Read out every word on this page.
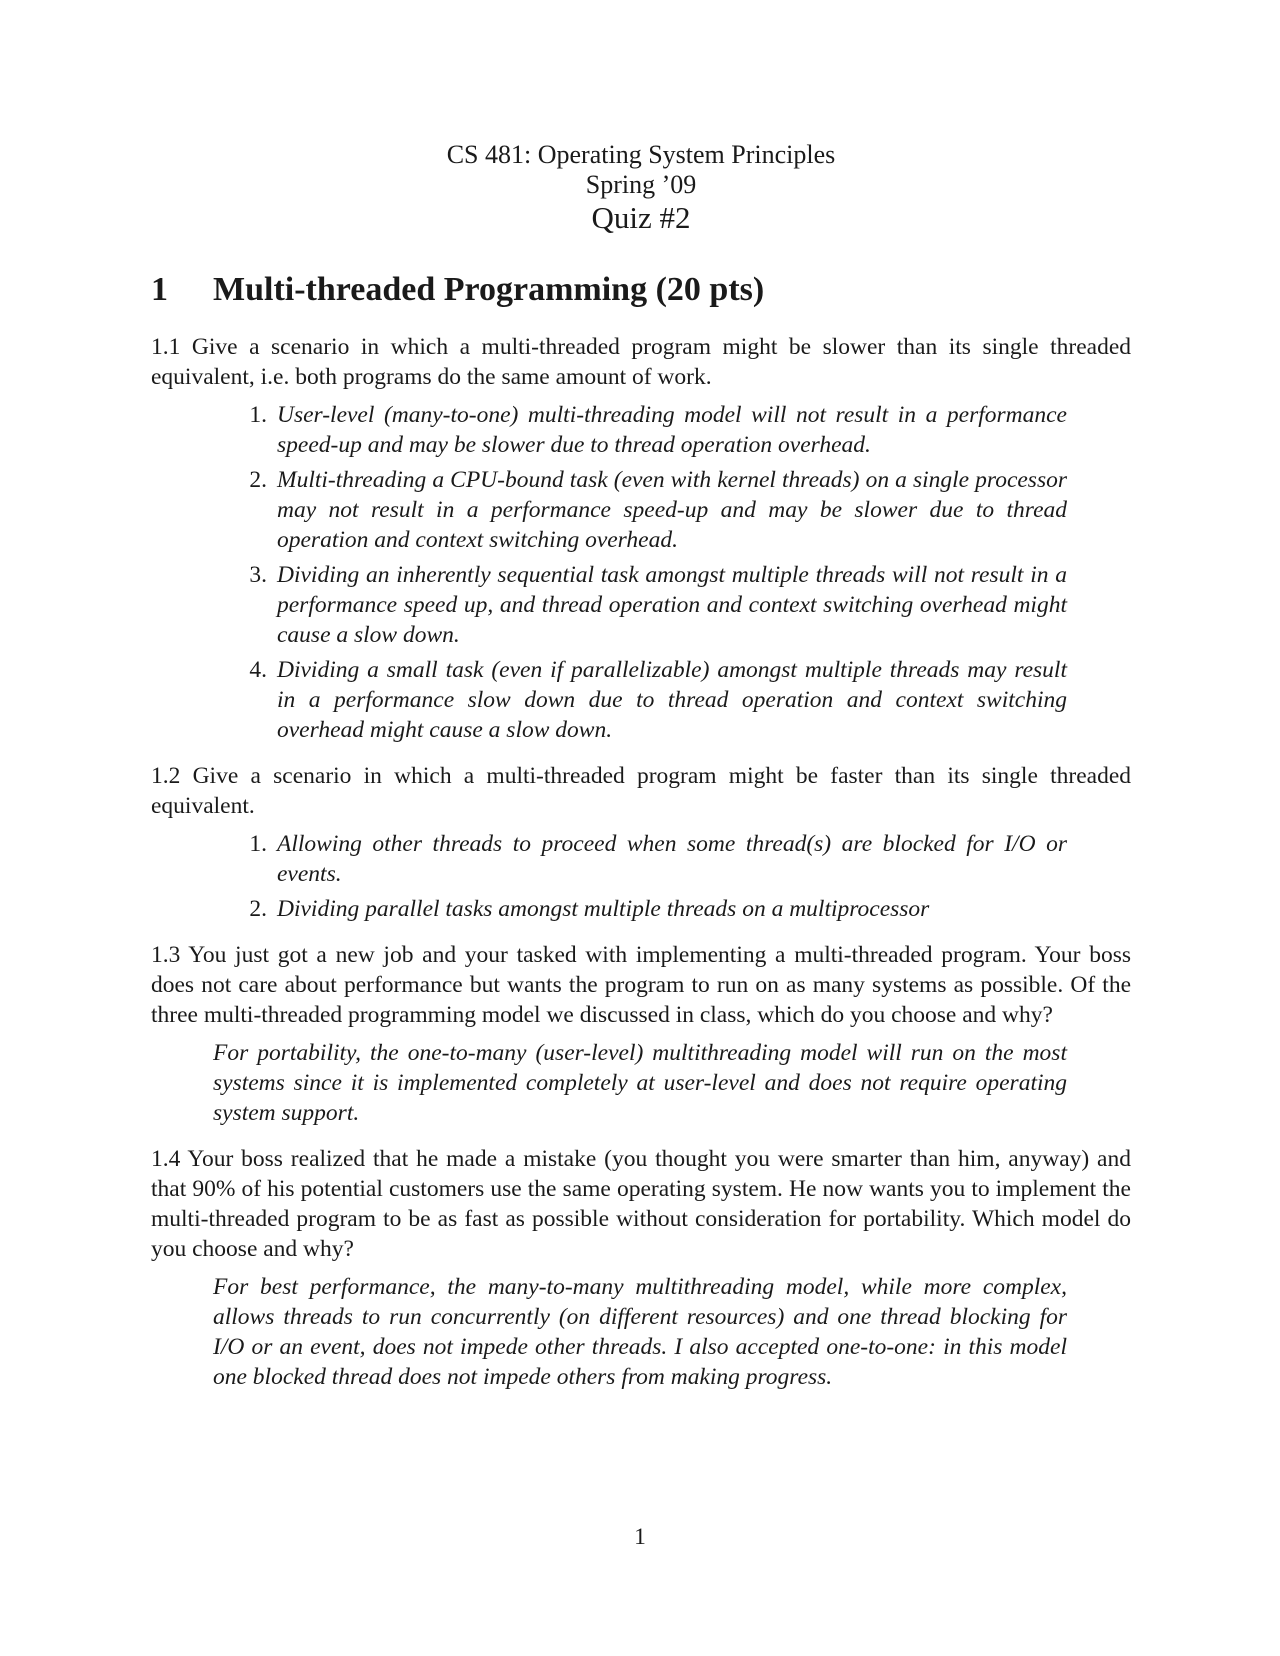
CS 481: Operating System Principles
Spring ’09
Quiz #2
1	Multi-threaded Programming (20 pts)
1.1 Give a scenario in which a multi-threaded program might be slower than its single threaded equivalent, i.e. both programs do the same amount of work.
1. User-level (many-to-one) multi-threading model will not result in a performance speed-up and may be slower due to thread operation overhead.
2. Multi-threading a CPU-bound task (even with kernel threads) on a single processor may not result in a performance speed-up and may be slower due to thread operation and context switching overhead.
3. Dividing an inherently sequential task amongst multiple threads will not result in a performance speed up, and thread operation and context switching overhead might cause a slow down.
4. Dividing a small task (even if parallelizable) amongst multiple threads may result in a performance slow down due to thread operation and context switching overhead might cause a slow down.
1.2 Give a scenario in which a multi-threaded program might be faster than its single threaded equivalent.
1. Allowing other threads to proceed when some thread(s) are blocked for I/O or events.
2. Dividing parallel tasks amongst multiple threads on a multiprocessor
1.3 You just got a new job and your tasked with implementing a multi-threaded program. Your boss does not care about performance but wants the program to run on as many systems as possible. Of the three multi-threaded programming model we discussed in class, which do you choose and why?
For portability, the one-to-many (user-level) multithreading model will run on the most systems since it is implemented completely at user-level and does not require operating system support.
1.4 Your boss realized that he made a mistake (you thought you were smarter than him, anyway) and that 90% of his potential customers use the same operating system. He now wants you to implement the multi-threaded program to be as fast as possible without consideration for portability. Which model do you choose and why?
For best performance, the many-to-many multithreading model, while more complex, allows threads to run concurrently (on different resources) and one thread blocking for I/O or an event, does not impede other threads. I also accepted one-to-one: in this model one blocked thread does not impede others from making progress.
1
